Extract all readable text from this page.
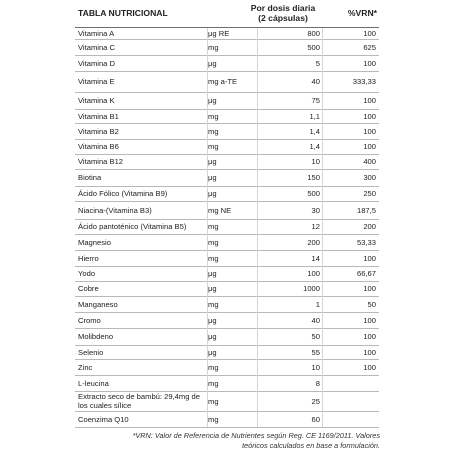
TABLA NUTRICIONAL	Por dosis diaria
(2 cápsulas)	%VRN*
Vitamina A	μg RE	800	100
Vitamina C	mg	500	625
Vitamina D	μg	5	100
Vitamina E	mg a-TE	40	333,33
Vitamina K	μg	75	100
Vitamina B1	mg	1,1	100
Vitamina B2	mg	1,4	100
Vitamina B6	mg	1,4	100
Vitamina B12	μg	10	400
Biotina	μg	150	300
Ácido Fólico (Vitamina B9)	μg	500	250
Niacina-(Vitamina B3)	mg NE	30	187,5
Ácido pantoténico (Vitamina B5)	mg	12	200
Magnesio	mg	200	53,33
Hierro	mg	14	100
Yodo	μg	100	66,67
Cobre	μg	1000	100
Manganeso	mg	1	50
Cromo	μg	40	100
Molibdeno	μg	50	100
Selenio	μg	55	100
Zinc	mg	10	100
L-leucina	mg	8
Extracto seco de bambú: 29,4mg de los cuales sílice	mg	25
Coenzima Q10	mg	60
*VRN: Valor de Referencia de Nutrientes según Reg. CE 1169/2011. Valores
teóricos calculados en base a formulación.
